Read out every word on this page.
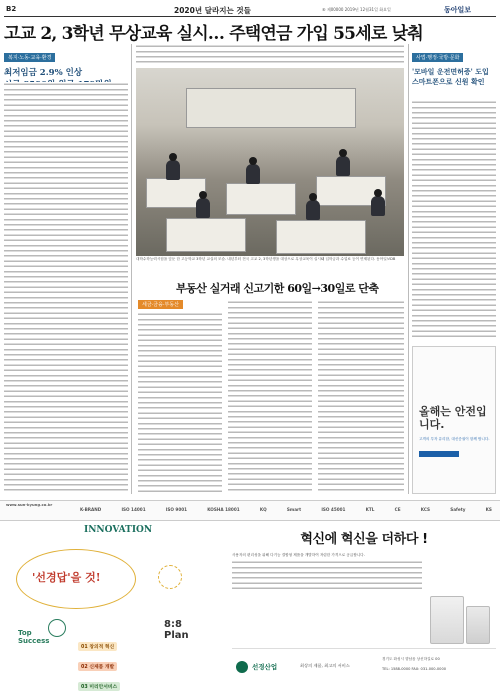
B2	2020년 달라지는 것들	⑥ 제00000 2019년 12월31일 화요일	동아일보
고교 2, 3학년 무상교육 실시… 주택연금 가입 55세로 낮춰
복지·노동·교육·환경
최저임금 2.9% 인상
대학수학능력시험을 앞둔 한 고등학교 3학년 교실의 모습. 내년부터 전국 고교 2, 3학년생을 대상으로 무상교육이 실시돼 입학금과 수업료 등이 면제된다. 동아일보DB
사법·행정·국방·문화
'모바일 운전면허증' 도입
스마트폰으로 신원 확인
올해는 안전입니다.
고객의 투자 유리함, 대신증권이 함께 합니다.
부동산 실거래 신고기한 60일→30일로 단축
세금·금융·부동산
www.sun-kyung.co.kr
K-BRAND	ISO 14001	ISO 9001	KOSHA 18001	KQ	Smart	ISO 45001	KTL	CE	KCS	Safety	KS
INNOVATION
'선경답'을 것!
Top Success
8:8 Plan
01 창의적 혁신 02 신제품 개발 03 미리안서비스
혁신에 혁신을 더하다 !
사용자의 편리성을 위해 다기능 결합형 제품을 개발하여 저렴한 가격으로 공급합니다.
선경산업	최상의 제품, 최고의 서비스
경기도 화성시 향남읍 상신하길로 00
TEL: 1588-0000 FAX: 031-000-0000
